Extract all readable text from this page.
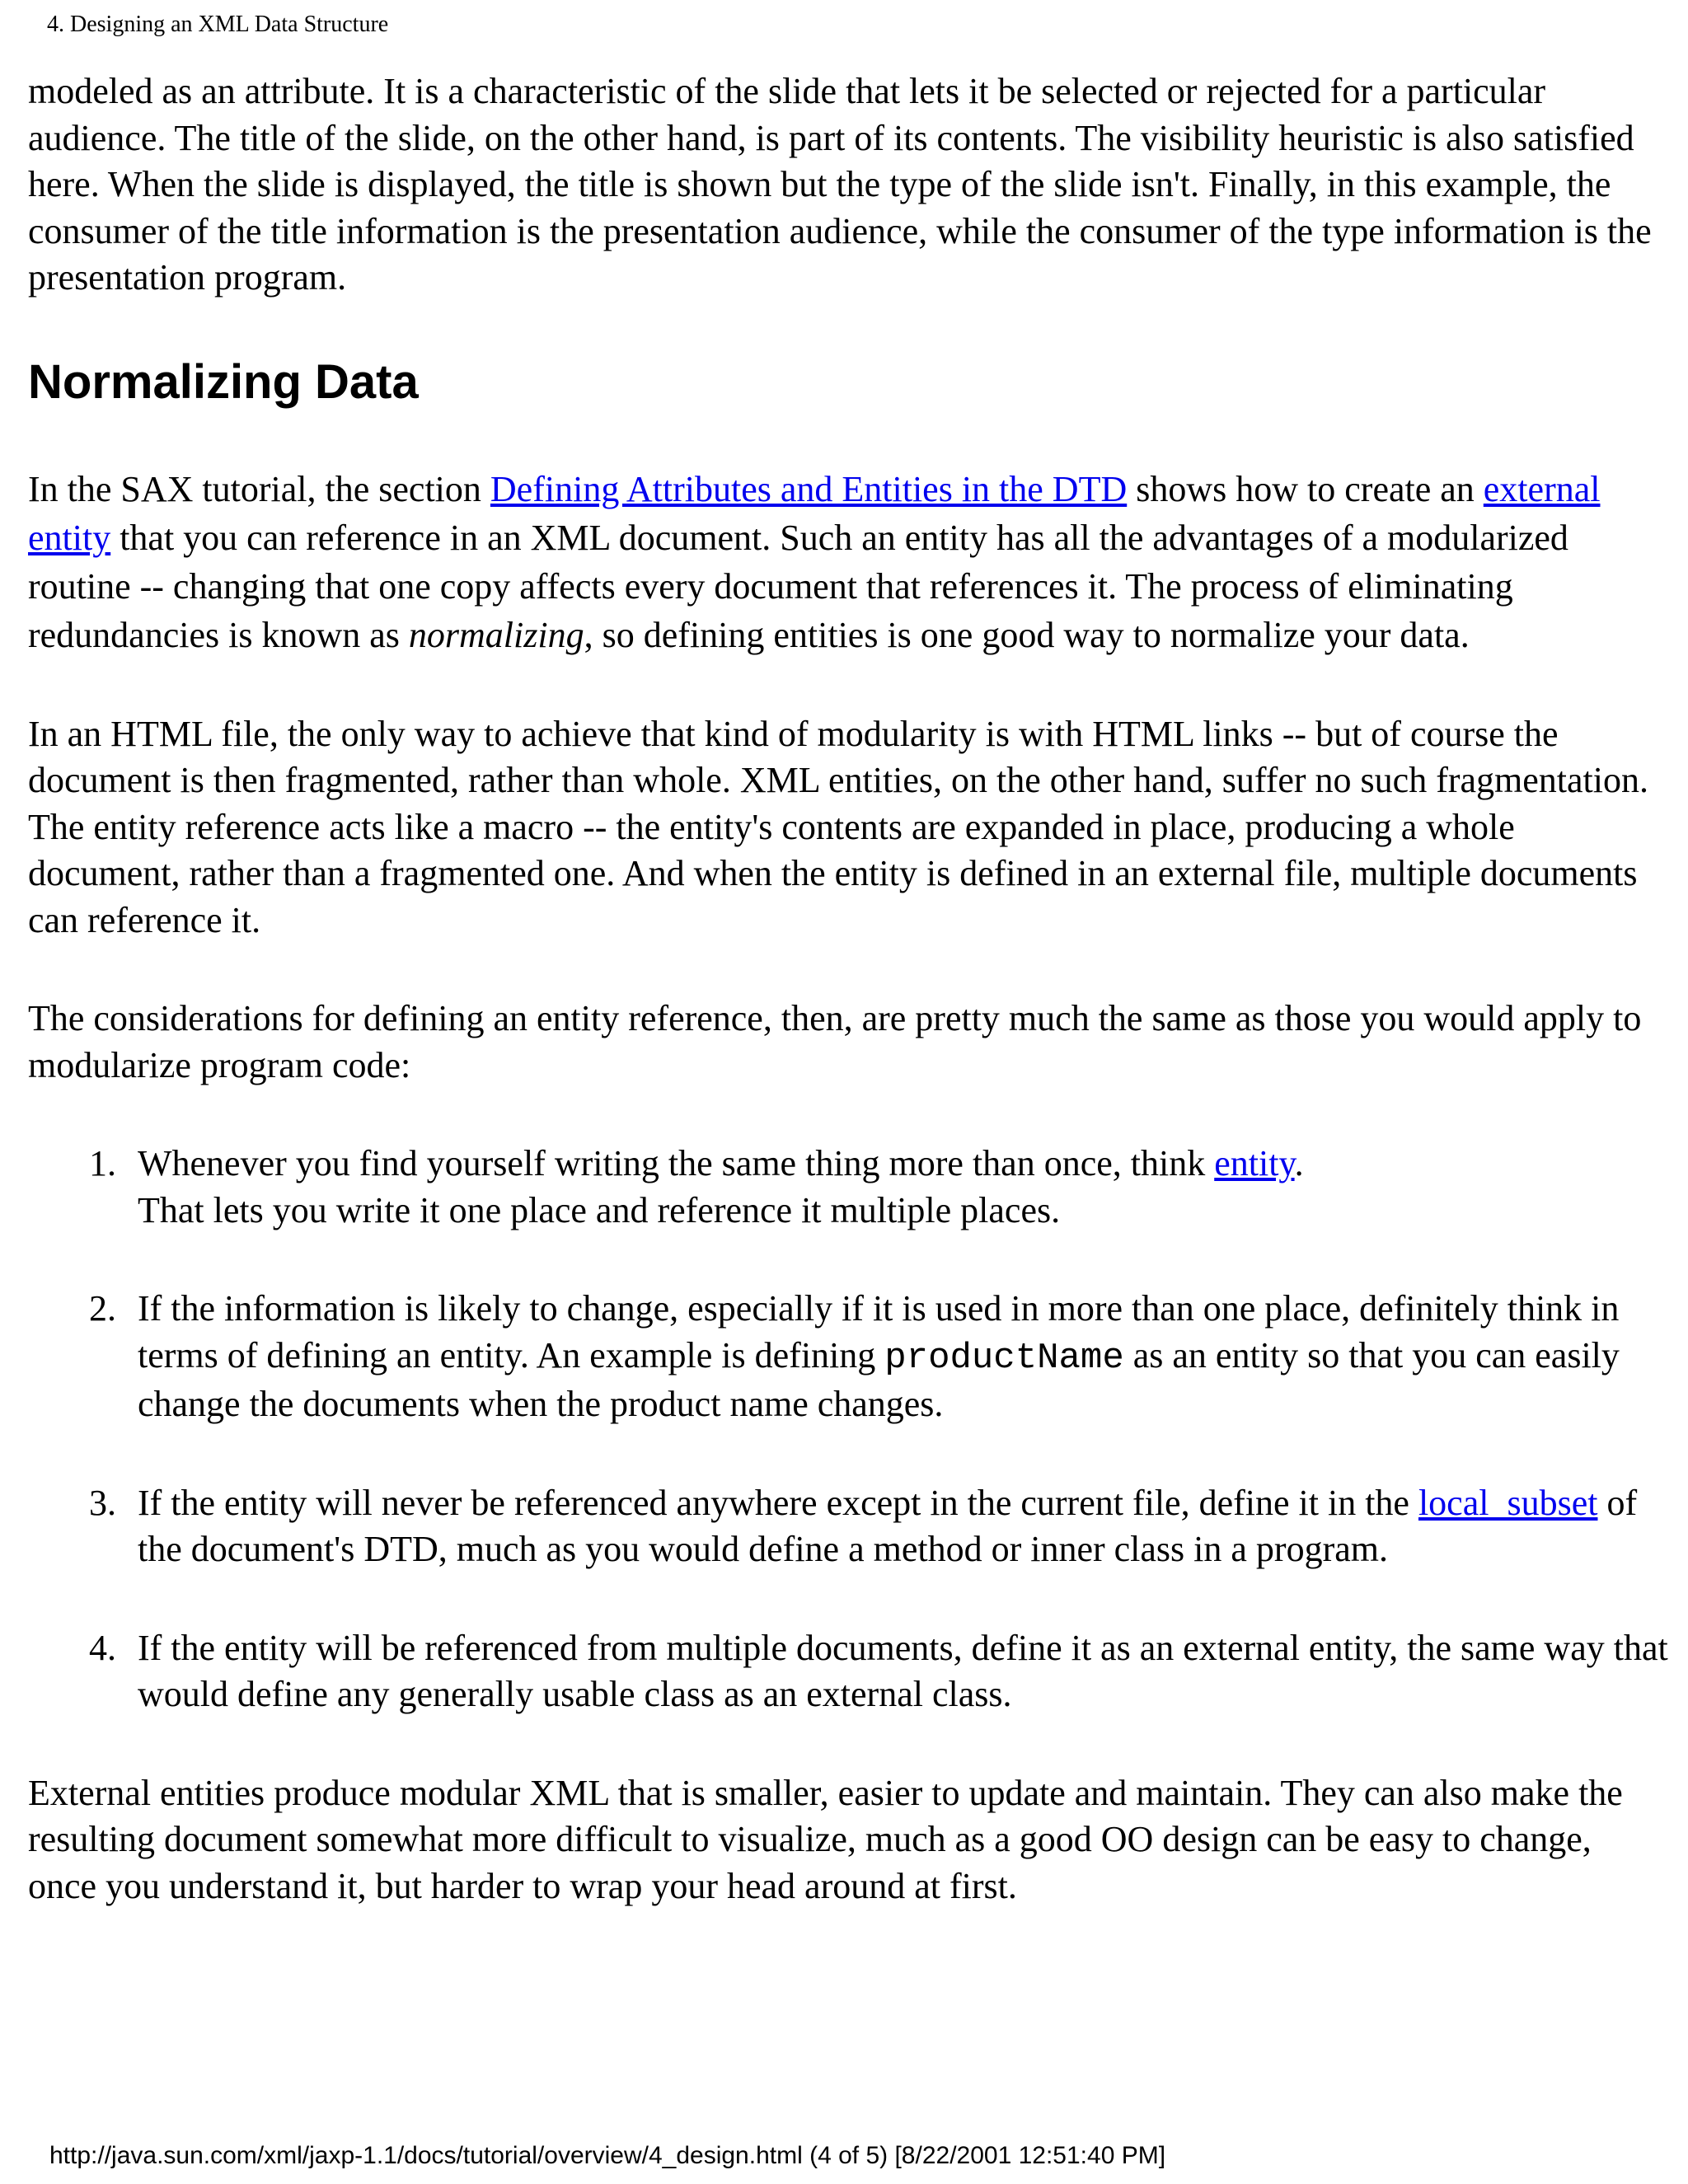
4. Designing an XML Data Structure

modeled as an attribute. It is a characteristic of the slide that lets it be selected or rejected for a particular audience. The title of the slide, on the other hand, is part of its contents. The visibility heuristic is also satisfied here. When the slide is displayed, the title is shown but the type of the slide isn't. Finally, in this example, the consumer of the title information is the presentation audience, while the consumer of the type information is the presentation program.

Normalizing Data

In the SAX tutorial, the section Defining Attributes and Entities in the DTD shows how to create an external entity that you can reference in an XML document. Such an entity has all the advantages of a modularized routine -- changing that one copy affects every document that references it. The process of eliminating redundancies is known as normalizing, so defining entities is one good way to normalize your data.

In an HTML file, the only way to achieve that kind of modularity is with HTML links -- but of course the document is then fragmented, rather than whole. XML entities, on the other hand, suffer no such fragmentation. The entity reference acts like a macro -- the entity's contents are expanded in place, producing a whole document, rather than a fragmented one. And when the entity is defined in an external file, multiple documents can reference it.

The considerations for defining an entity reference, then, are pretty much the same as those you would apply to modularize program code:

1. Whenever you find yourself writing the same thing more than once, think entity.
That lets you write it one place and reference it multiple places.
2. If the information is likely to change, especially if it is used in more than one place, definitely think in terms of defining an entity. An example is defining productName as an entity so that you can easily change the documents when the product name changes.
3. If the entity will never be referenced anywhere except in the current file, define it in the local_subset of the document's DTD, much as you would define a method or inner class in a program.
4. If the entity will be referenced from multiple documents, define it as an external entity, the same way that would define any generally usable class as an external class.

External entities produce modular XML that is smaller, easier to update and maintain. They can also make the resulting document somewhat more difficult to visualize, much as a good OO design can be easy to change, once you understand it, but harder to wrap your head around at first.

http://java.sun.com/xml/jaxp-1.1/docs/tutorial/overview/4_design.html (4 of 5) [8/22/2001 12:51:40 PM]
